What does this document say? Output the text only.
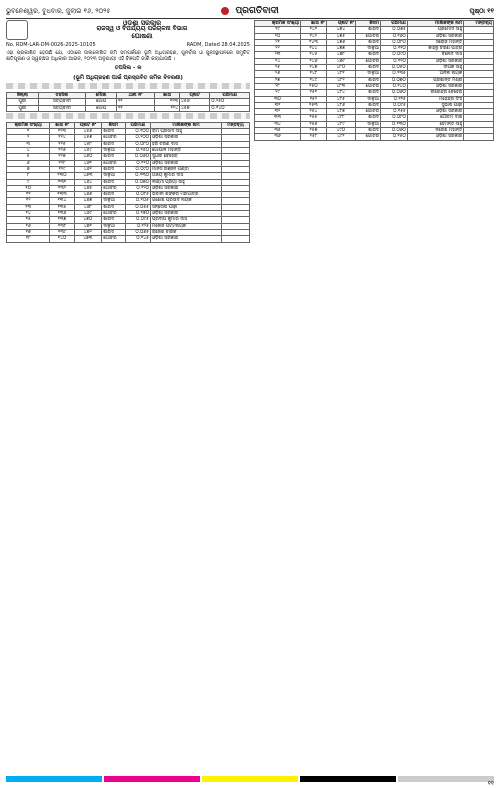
ଭୁବନେଶ୍ୱର, ବୁଧବାର, ଜୁଲାଇ ୧୬, ୨୦୨୫	ପ୍ରଗତିବାଦୀ	ପୃଷ୍ଠା ୧୧
ଓଡ଼ିଶା ସରକାର
ରାଜସ୍ୱ ଓ ବିପର୍ଯ୍ୟୟ ପରିଚାଳନା ବିଭାଗ
ଘୋଷଣା
No. RDM-LAR-DM-0026-2025-10105	RADM, Dated 28.04.2025
ଏହା ପ୍ରକାଶିତ ହେଉଛି ଯେ, ଏଠାରେ ଉଲ୍ଲେଖିତ ଜମି ସମ୍ପର୍କରେ ଭୂମି ଅଧିଗ୍ରହଣ, ପୁନର୍ବାସ ଓ ପୁନଃସ୍ଥାପନରେ ସମୁଚିତ କ୍ଷତିପୂରଣ ଓ ସ୍ୱଚ୍ଛତା ଅଧିକାର ଆଇନ, ୨୦୧୩ ଅନୁଯାୟୀ ଏହି ବିଜ୍ଞପ୍ତି ଜାରି କରାଯାଉଛି ।
ତପସିଲ - କ
(ଭୂମି ଅଧିଗ୍ରହଣ ପାଇଁ ପ୍ରସ୍ତାବିତ ଜମିର ବିବରଣୀ)
ଜିଲ୍ଲା	ତହସିଲ	ମୌଜା	ଥାନା ନଂ	ଖାତା	ପ୍ଲଟ	ପରିମାଣ
ପୁରୀ	ସତ୍ୟବାଦୀ	ଗୋପ	୧୧	୧୨୩	୪୫୬	୦.୨୫୦
ପୁରୀ	ସତ୍ୟବାଦୀ	ଗୋପ	୧୧	୧୨୪	୪୫୭	୦.୧୪୦
କ୍ରମିକ ସଂଖ୍ୟା	ଖାତା ନଂ	ପ୍ଲଟ ନଂ	କିସମ	ପରିମାଣ	ମାଲିକଙ୍କ ନାମ	ମନ୍ତବ୍ୟ
୧	୧୨୩	୪୫୬	ଶାରଦ	୦.୧୦୦	ରାମ ପ୍ରସାଦ ସାହୁ	
୨	୧୨୪	୪୫୭	ଗୋଚର	୦.୨୦୦	ଓଡ଼ିଶା ସରକାର	
୩	୧୨୫	୪୫୮	ଶାରଦ	୦.୦୮୦	ହରି ଚରଣ ଦାସ	
୪	୧୨୬	୪୫୯	ଦାଳୁଆ	୦.୧୫୦	ଗୋପାଳ ମହାନ୍ତି	
୫	୧୨୭	୪୬୦	ଶାରଦ	୦.୦୬୦	ସୁଧୀର ବେହେରା	
୬	୧୨୮	୪୬୧	ଗୋଚର	୦.୧୧୦	ଓଡ଼ିଶା ସରକାର	
୭	୧୨୯	୪୬୨	ଶାରଦ	୦.୦୯୦	ମାନସ ରଞ୍ଜନ ପଣ୍ଡା	
୮	୧୩୦	୪୬୩	ଦାଳୁଆ	୦.୧୩୦	ଅଜୟ କୁମାର ଦାସ	
୯	୧୩୧	୪୬୪	ଶାରଦ	୦.୦୭୦	ଲକ୍ଷ୍ମୀ ପ୍ରିୟା ସାହୁ	
୧୦	୧୩୨	୪୬୫	ଗୋଚର	୦.୧୨୦	ଓଡ଼ିଶା ସରକାର	
୧୧	୧୩୩	୪୬୬	ଶାରଦ	୦.୦୮୫	ଭବାନୀ ଶଙ୍କର ମହାପାତ୍ର	
୧୨	୧୩୪	୪୬୭	ଦାଳୁଆ	୦.୧୦୫	ଗଣେଶ ପ୍ରସାଦ ନାୟକ	
୧୩	୧୩୫	୪୬୮	ଶାରଦ	୦.୦୫୫	ସନ୍ତୋଷ ପାଢ଼ୀ	
୧୪	୧୩୬	୪୬୯	ଗୋଚର	୦.୧୭୦	ଓଡ଼ିଶା ସରକାର	
୧୫	୧୩୭	୪୭୦	ଶାରଦ	୦.୦୯୫	ପ୍ରଦୀପ କୁମାର ଦାସ	
୧୬	୧୩୮	୪୭୧	ଦାଳୁଆ	୦.୧୨୫	ମନୋଜ ପଟ୍ଟନାୟକ	
୧୭	୧୩୯	୪୭୨	ଶାରଦ	୦.୦୬୫	ରାଜେଶ ବାରିକ	
୧୮	୧୪୦	୪୭୩	ଗୋଚର	୦.୧୪୫	ଓଡ଼ିଶା ସରକାର	
କ୍ରମିକ ସଂଖ୍ୟା	ଖାତା ନଂ	ପ୍ଲଟ ନଂ	କିସମ	ପରିମାଣ	ମାଲିକଙ୍କ ନାମ	ମନ୍ତବ୍ୟ
୧୯	୧୪୧	୪୭୪	ଶାରଦ	୦.୦୭୫	ପ୍ରମୋଦ ସାହୁ	
୨୦	୧୪୨	୪୭୫	ଗୋଚର	୦.୧୬୦	ଓଡ଼ିଶା ସରକାର	
୨୧	୧୪୩	୪୭୬	ଶାରଦ	୦.୦୮୦	ସରୋଜ ମହାନ୍ତି	
୨୨	୧୪୪	୪୭୭	ଦାଳୁଆ	୦.୧୧୦	କାହ୍ନୁ ଚରଣ ପାତ୍ର	
୨୩	୧୪୫	୪୭୮	ଶାରଦ	୦.୦୯୦	ବିନୋଦ ଦାସ	
୨୪	୧୪୬	୪୭୯	ଗୋଚର	୦.୧୨୦	ଓଡ଼ିଶା ସରକାର	
୨୫	୧୪୭	୪୮୦	ଶାରଦ	୦.୦୫୦	ଦୀପକ ସାହୁ	
୨୬	୧୪୮	୪୮୧	ଦାଳୁଆ	୦.୧୩୫	ଅନିଲ ନାୟକ	
୨୭	୧୪୯	୪୮୨	ଶାରଦ	୦.୦୭୦	ପ୍ରଶାନ୍ତ ମିଶ୍ର	
୨୮	୧୫୦	୪୮୩	ଗୋଚର	୦.୧୪୦	ଓଡ଼ିଶା ସରକାର	
୨୯	୧୫୧	୪୮୪	ଶାରଦ	୦.୦୬୦	ବୀରେନ୍ଦ୍ର ବେହେରା	
୩୦	୧୫୨	୪୮୫	ଦାଳୁଆ	୦.୧୧୫	ମହେନ୍ଦ୍ର ସିଂହ	
୩୧	୧୫୩	୪୮୬	ଶାରଦ	୦.୦୯୫	ସୁଭାଷ ପାଢ଼ୀ	
୩୨	୧୫୪	୪୮୭	ଗୋଚର	୦.୧୫୫	ଓଡ଼ିଶା ସରକାର	
୩୩	୧୫୫	୪୮୮	ଶାରଦ	୦.୦୮୦	ଗୌତମ ଦାଶ	
୩୪	୧୫୬	୪୮୯	ଦାଳୁଆ	୦.୧୩୦	ହେମନ୍ତ ସାହୁ	
୩୫	୧୫୭	୪୯୦	ଶାରଦ	୦.୦୬୦	ନରେଶ ମହାନ୍ତି	
୩୬	୧୫୮	୪୯୧	ଗୋଚର	୦.୧୫୦	ଓଡ଼ିଶା ସରକାର	
୧୧
